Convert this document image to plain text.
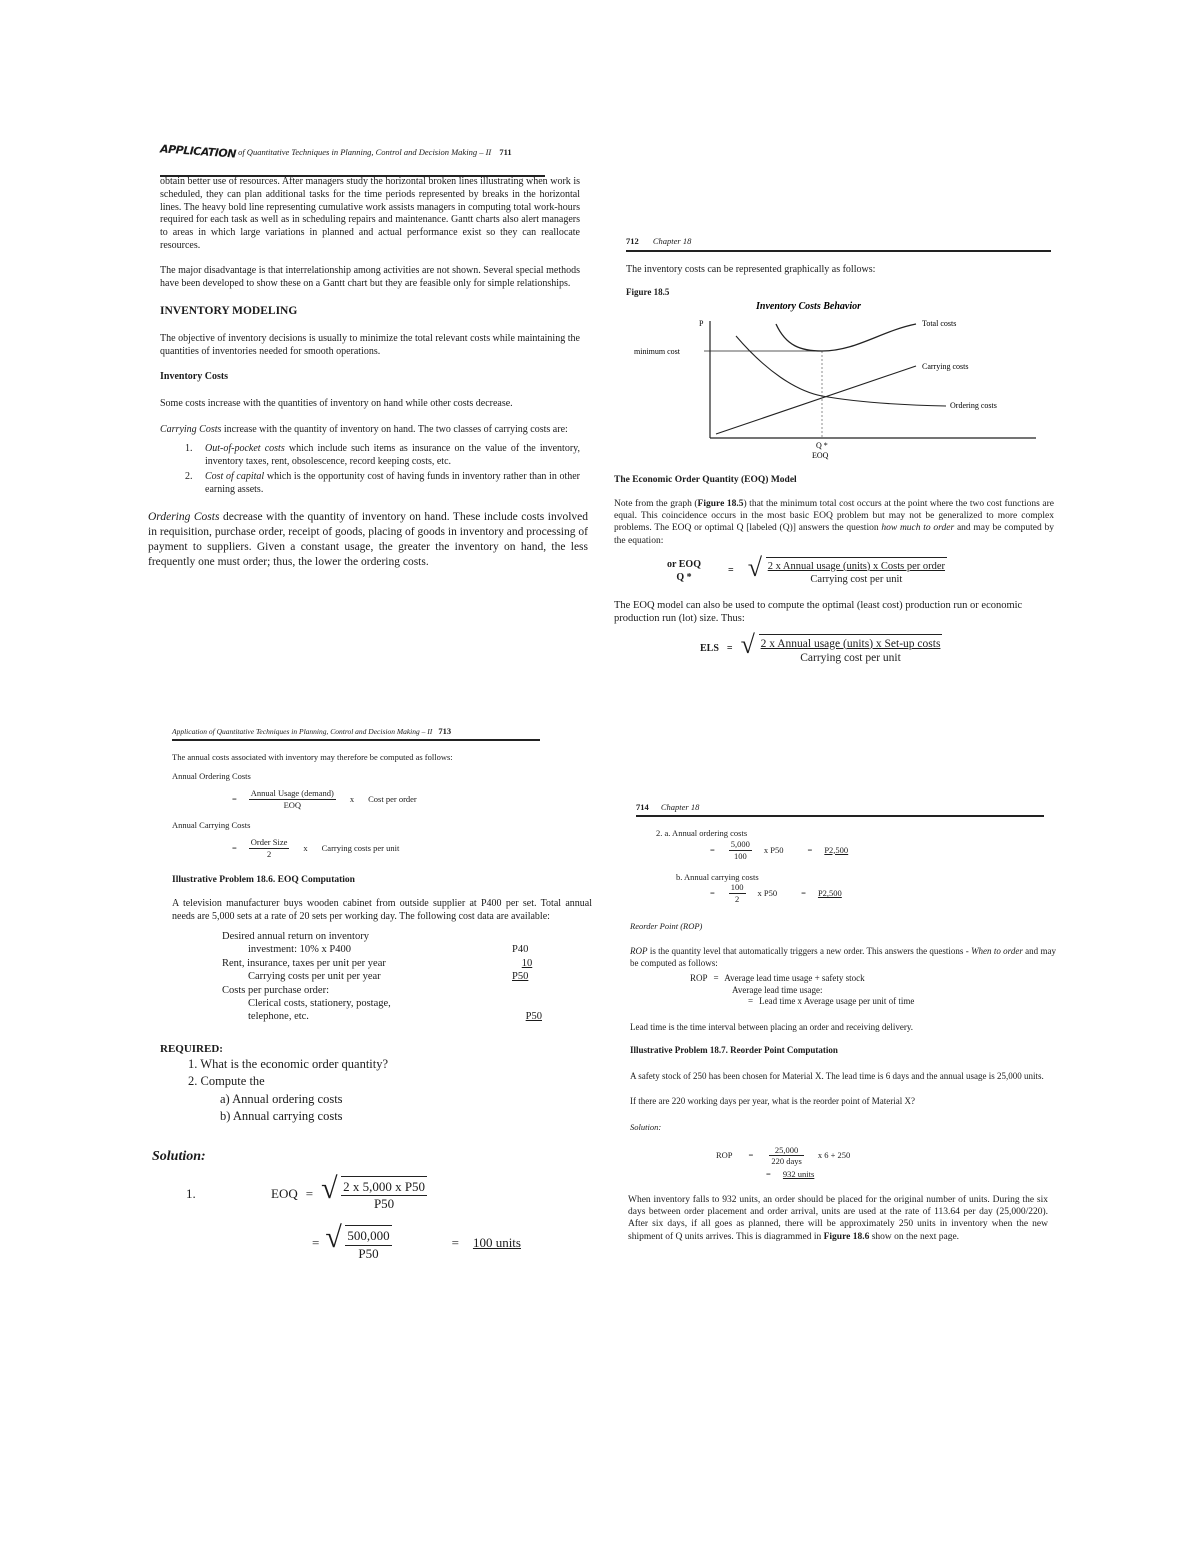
APPLICATION of Quantitative Techniques in Planning, Control and Decision Making – II 711

obtain better use of resources. After managers study the horizontal broken lines illustrating when work is scheduled, they can plan additional tasks for the time periods represented by breaks in the horizontal lines. The heavy bold line representing cumulative work assists managers in computing total work-hours required for each task as well as in scheduling repairs and maintenance. Gantt charts also alert managers to areas in which large variations in planned and actual performance exist so they can reallocate resources.

The major disadvantage is that interrelationship among activities are not shown. Several special methods have been developed to show these on a Gantt chart but they are feasible only for simple relationships.

INVENTORY MODELING

The objective of inventory decisions is usually to minimize the total relevant costs while maintaining the quantities of inventories needed for smooth operations.

Inventory Costs

Some costs increase with the quantities of inventory on hand while other costs decrease.

Carrying Costs increase with the quantity of inventory on hand. The two classes of carrying costs are:

1.	Out-of-pocket costs which include such items as insurance on the value of the inventory, inventory taxes, rent, obsolescence, record keeping costs, etc.
2.	Cost of capital which is the opportunity cost of having funds in inventory rather than in other earning assets.

Ordering Costs decrease with the quantity of inventory on hand. These include costs involved in requisition, purchase order, receipt of goods, placing of goods in inventory and processing of payment to suppliers. Given a constant usage, the greater the inventory on hand, the less frequently one must order; thus, the lower the ordering costs.

712 Chapter 18

The inventory costs can be represented graphically as follows:

Figure 18.5

Inventory Costs Behavior
P
minimum cost
Total costs
Carrying costs
Ordering costs
Q *
EOQ

The Economic Order Quantity (EOQ) Model

Note from the graph (Figure 18.5) that the minimum total cost occurs at the point where the two cost functions are equal. This coincidence occurs in the most basic EOQ problem but may not be generalized to more complex problems. The EOQ or optimal Q [labeled (Q)] answers the question how much to order and may be computed by the equation:

or EOQ
Q *
= √ $\frac{\text{2 x Annual usage (units) x Costs per order}}{\text{Carrying cost per unit}}$

The EOQ model can also be used to compute the optimal (least cost) production run or economic production run (lot) size. Thus:

ELS = √ $\frac{\text{2 x Annual usage (units) x Set-up costs}}{\text{Carrying cost per unit}}$
Application of Quantitative Techniques in Planning, Control and Decision Making – II 713

The annual costs associated with inventory may therefore be computed as follows:

Annual Ordering Costs

= $\frac{\text{Annual Usage (demand)}}{\text{EOQ}}$ x Cost per order

Annual Carrying Costs

= $\frac{\text{Order Size}}{2}$ x Carrying costs per unit

Illustrative Problem 18.6. EOQ Computation

A television manufacturer buys wooden cabinet from outside supplier at P400 per set. Total annual needs are 5,000 sets at a rate of 20 sets per working day. The following cost data are available:

Desired annual return on inventory
investment: 10% x P400	P40
Rent, insurance, taxes per unit per year	10
Carrying costs per unit per year	P50
Costs per purchase order:
Clerical costs, stationery, postage,
telephone, etc.	P50

REQUIRED:

1. What is the economic order quantity?
2. Compute the
a) Annual ordering costs
b) Annual carrying costs

Solution:

1.	EOQ = √ $\frac{\text{2 x 5,000 x P50}}{P50}$
= √ $\frac{500,000}{P50}$	= 100 units
714 Chapter 18

2. a. Annual ordering costs

= $\frac{5,000}{100}$ x P50	= P2,500

b. Annual carrying costs

= $\frac{100}{2}$ x P50	= P2,500

Reorder Point (ROP)

ROP is the quantity level that automatically triggers a new order. This answers the questions - When to order and may be computed as follows:

ROP = Average lead time usage + safety stock
Average lead time usage:
= Lead time x Average usage per unit of time

Lead time is the time interval between placing an order and receiving delivery.

Illustrative Problem 18.7. Reorder Point Computation

A safety stock of 250 has been chosen for Material X. The lead time is 6 days and the annual usage is 25,000 units.

If there are 220 working days per year, what is the reorder point of Material X?

Solution:

ROP = $\frac{25,000}{\text{220 days}}$ x 6 + 250
= 932 units

When inventory falls to 932 units, an order should be placed for the original number of units. During the six days between order placement and order arrival, units are used at the rate of 113.64 per day (25,000/220). After six days, if all goes as planned, there will be approximately 250 units in inventory when the new shipment of Q units arrives. This is diagrammed in Figure 18.6 show on the next page.
